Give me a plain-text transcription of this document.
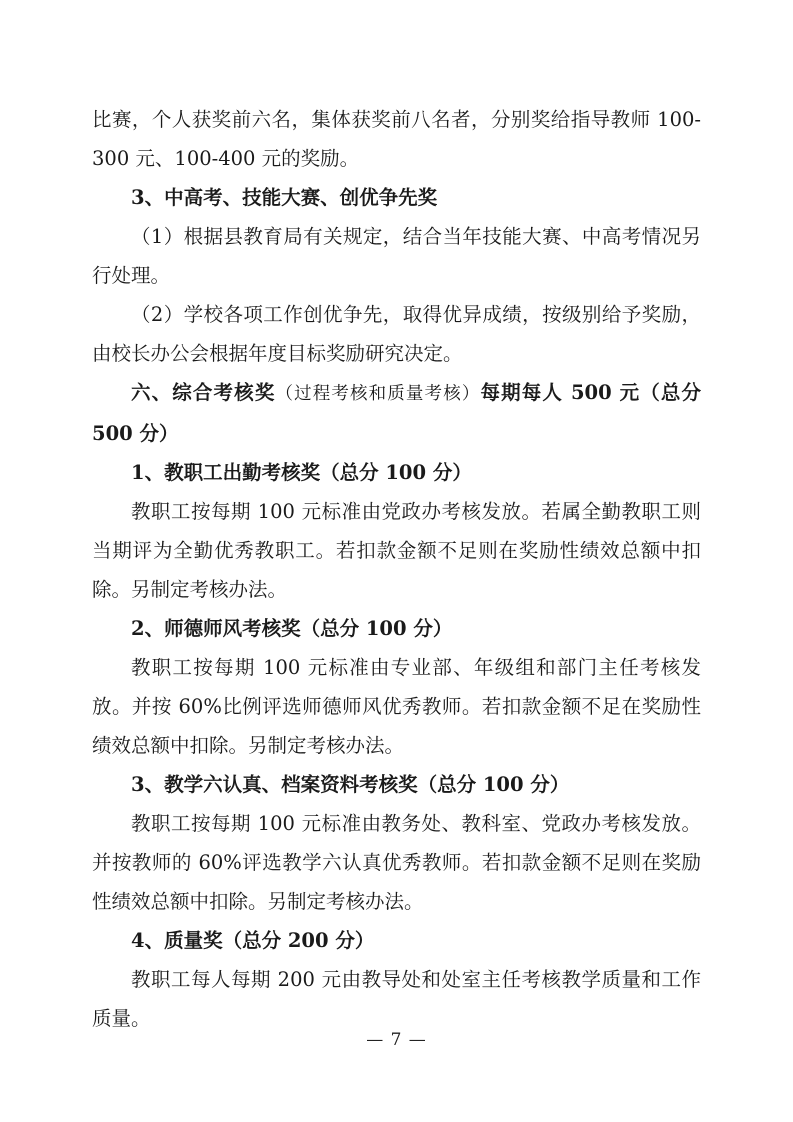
比赛，个人获奖前六名，集体获奖前八名者，分别奖给指导教师 100-300 元、100-400 元的奖励。

3、中高考、技能大赛、创优争先奖

（1）根据县教育局有关规定，结合当年技能大赛、中高考情况另行处理。

（2）学校各项工作创优争先，取得优异成绩，按级别给予奖励，由校长办公会根据年度目标奖励研究决定。

六、综合考核奖（过程考核和质量考核）每期每人 500 元（总分 500 分）

1、教职工出勤考核奖（总分 100 分）

教职工按每期 100 元标准由党政办考核发放。若属全勤教职工则当期评为全勤优秀教职工。若扣款金额不足则在奖励性绩效总额中扣除。另制定考核办法。

2、师德师风考核奖（总分 100 分）

教职工按每期 100 元标准由专业部、年级组和部门主任考核发放。并按 60%比例评选师德师风优秀教师。若扣款金额不足在奖励性绩效总额中扣除。另制定考核办法。

3、教学六认真、档案资料考核奖（总分 100 分）

教职工按每期 100 元标准由教务处、教科室、党政办考核发放。并按教师的 60%评选教学六认真优秀教师。若扣款金额不足则在奖励性绩效总额中扣除。另制定考核办法。

4、质量奖（总分 200 分）

教职工每人每期 200 元由教导处和处室主任考核教学质量和工作质量。

— 7 —
